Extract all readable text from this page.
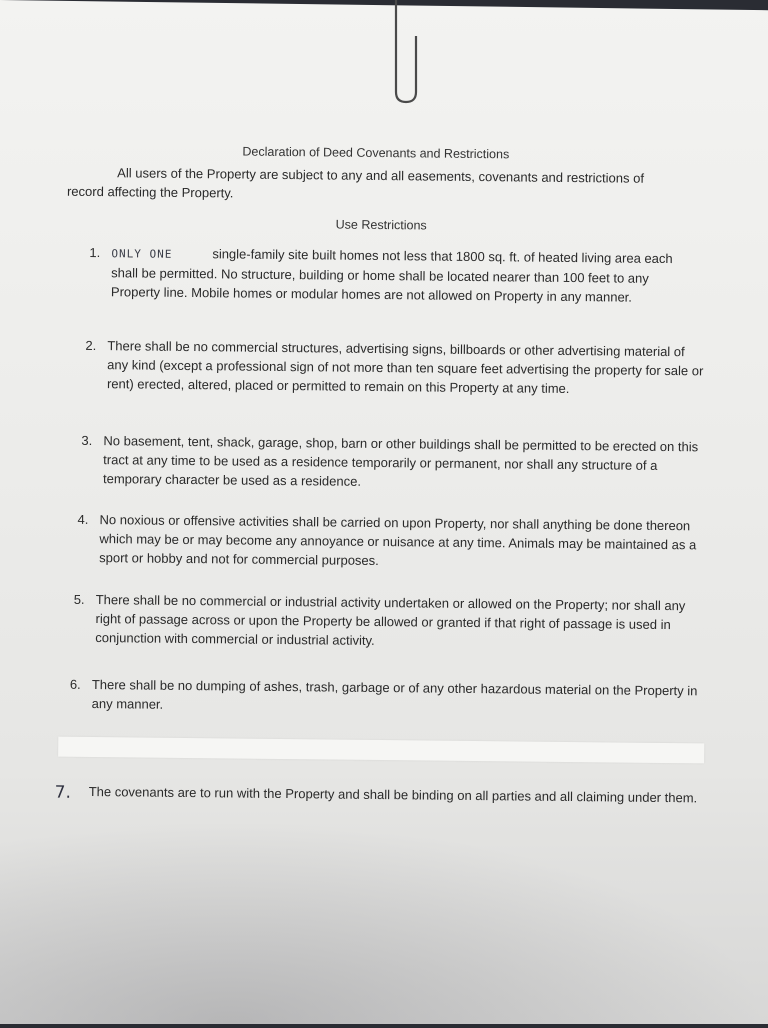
Declaration of Deed Covenants and Restrictions
All users of the Property are subject to any and all easements, covenants and restrictions of record affecting the Property.
Use Restrictions
1. ONLY ONE	single-family site built homes not less that 1800 sq. ft. of heated living area each shall be permitted. No structure, building or home shall be located nearer than 100 feet to any Property line. Mobile homes or modular homes are not allowed on Property in any manner.
2. There shall be no commercial structures, advertising signs, billboards or other advertising material of any kind (except a professional sign of not more than ten square feet advertising the property for sale or rent) erected, altered, placed or permitted to remain on this Property at any time.
3. No basement, tent, shack, garage, shop, barn or other buildings shall be permitted to be erected on this tract at any time to be used as a residence temporarily or permanent, nor shall any structure of a temporary character be used as a residence.
4. No noxious or offensive activities shall be carried on upon Property, nor shall anything be done thereon which may be or may become any annoyance or nuisance at any time. Animals may be maintained as a sport or hobby and not for commercial purposes.
5. There shall be no commercial or industrial activity undertaken or allowed on the Property; nor shall any right of passage across or upon the Property be allowed or granted if that right of passage is used in conjunction with commercial or industrial activity.
6. There shall be no dumping of ashes, trash, garbage or of any other hazardous material on the Property in any manner.
7. The covenants are to run with the Property and shall be binding on all parties and all claiming under them.
